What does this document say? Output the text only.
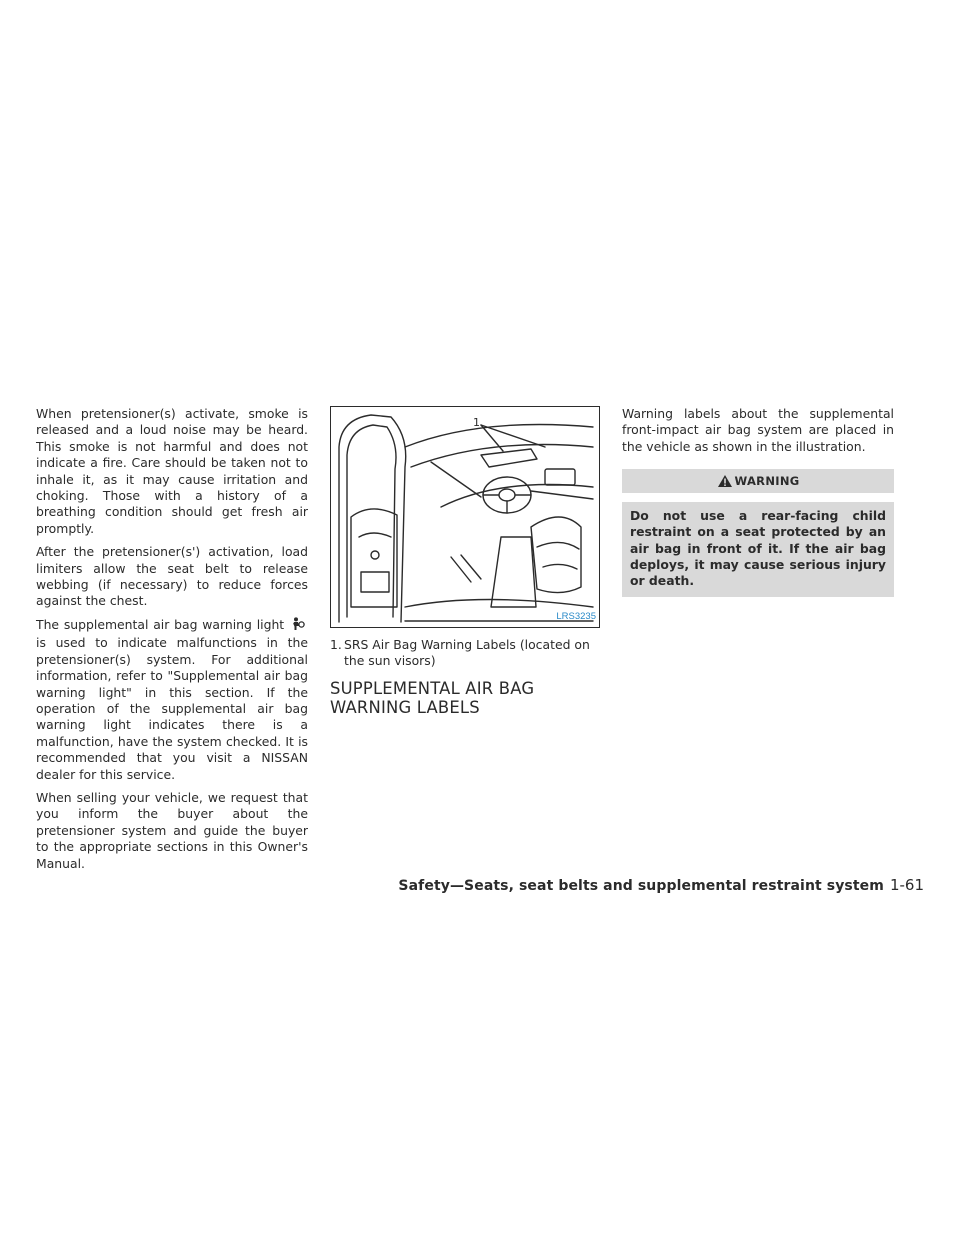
When pretensioner(s) activate, smoke is released and a loud noise may be heard. This smoke is not harmful and does not indicate a fire. Care should be taken not to inhale it, as it may cause irritation and choking. Those with a history of a breathing condition should get fresh air promptly.

After the pretensioner(s') activation, load limiters allow the seat belt to release webbing (if necessary) to reduce forces against the chest.

The supplemental air bag warning light  is used to indicate malfunctions in the pretensioner(s) system. For additional information, refer to "Supplemental air bag warning light" in this section. If the operation of the supplemental air bag warning light indicates there is a malfunction, have the system checked. It is recommended that you visit a NISSAN dealer for this service.

When selling your vehicle, we request that you inform the buyer about the pretensioner system and guide the buyer to the appropriate sections in this Owner's Manual.

1
LRS3235
1. SRS Air Bag Warning Labels (located on the sun visors)
SUPPLEMENTAL AIR BAG WARNING LABELS

Warning labels about the supplemental front-impact air bag system are placed in the vehicle as shown in the illustration.

WARNING
Do not use a rear-facing child restraint on a seat protected by an air bag in front of it. If the air bag deploys, it may cause serious injury or death.
Safety—Seats, seat belts and supplemental restraint system 1-61
